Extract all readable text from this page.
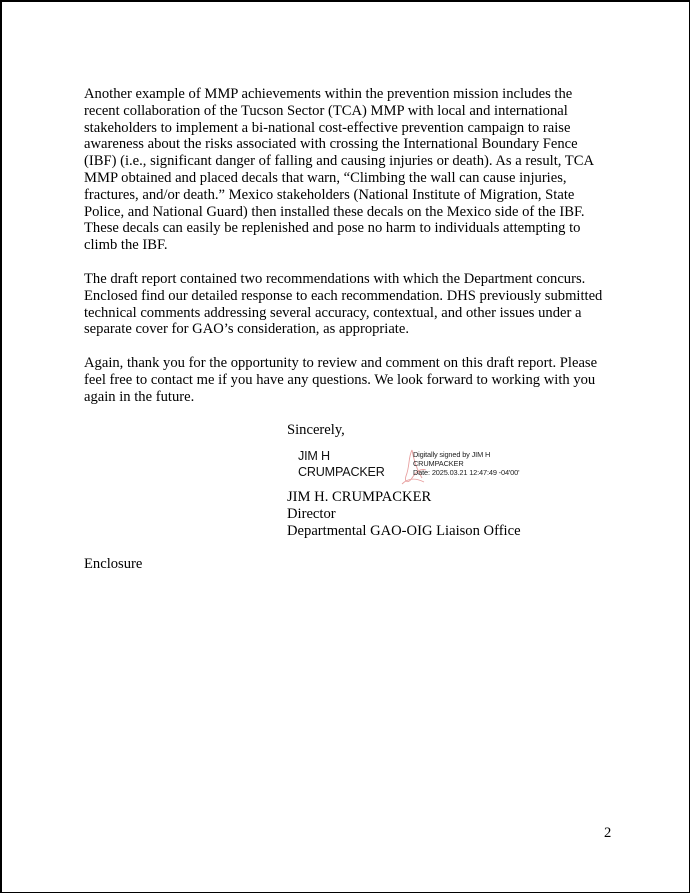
Another example of MMP achievements within the prevention mission includes the
recent collaboration of the Tucson Sector (TCA) MMP with local and international
stakeholders to implement a bi-national cost-effective prevention campaign to raise
awareness about the risks associated with crossing the International Boundary Fence
(IBF) (i.e., significant danger of falling and causing injuries or death). As a result, TCA
MMP obtained and placed decals that warn, “Climbing the wall can cause injuries,
fractures, and/or death.” Mexico stakeholders (National Institute of Migration, State
Police, and National Guard) then installed these decals on the Mexico side of the IBF.
These decals can easily be replenished and pose no harm to individuals attempting to
climb the IBF.
The draft report contained two recommendations with which the Department concurs.
Enclosed find our detailed response to each recommendation. DHS previously submitted
technical comments addressing several accuracy, contextual, and other issues under a
separate cover for GAO’s consideration, as appropriate.
Again, thank you for the opportunity to review and comment on this draft report. Please
feel free to contact me if you have any questions. We look forward to working with you
again in the future.
Sincerely,
JIM H
CRUMPACKER
Digitally signed by JIM H
CRUMPACKER
Date: 2025.03.21 12:47:49 -04'00'
JIM H. CRUMPACKER
Director
Departmental GAO-OIG Liaison Office
Enclosure
2
